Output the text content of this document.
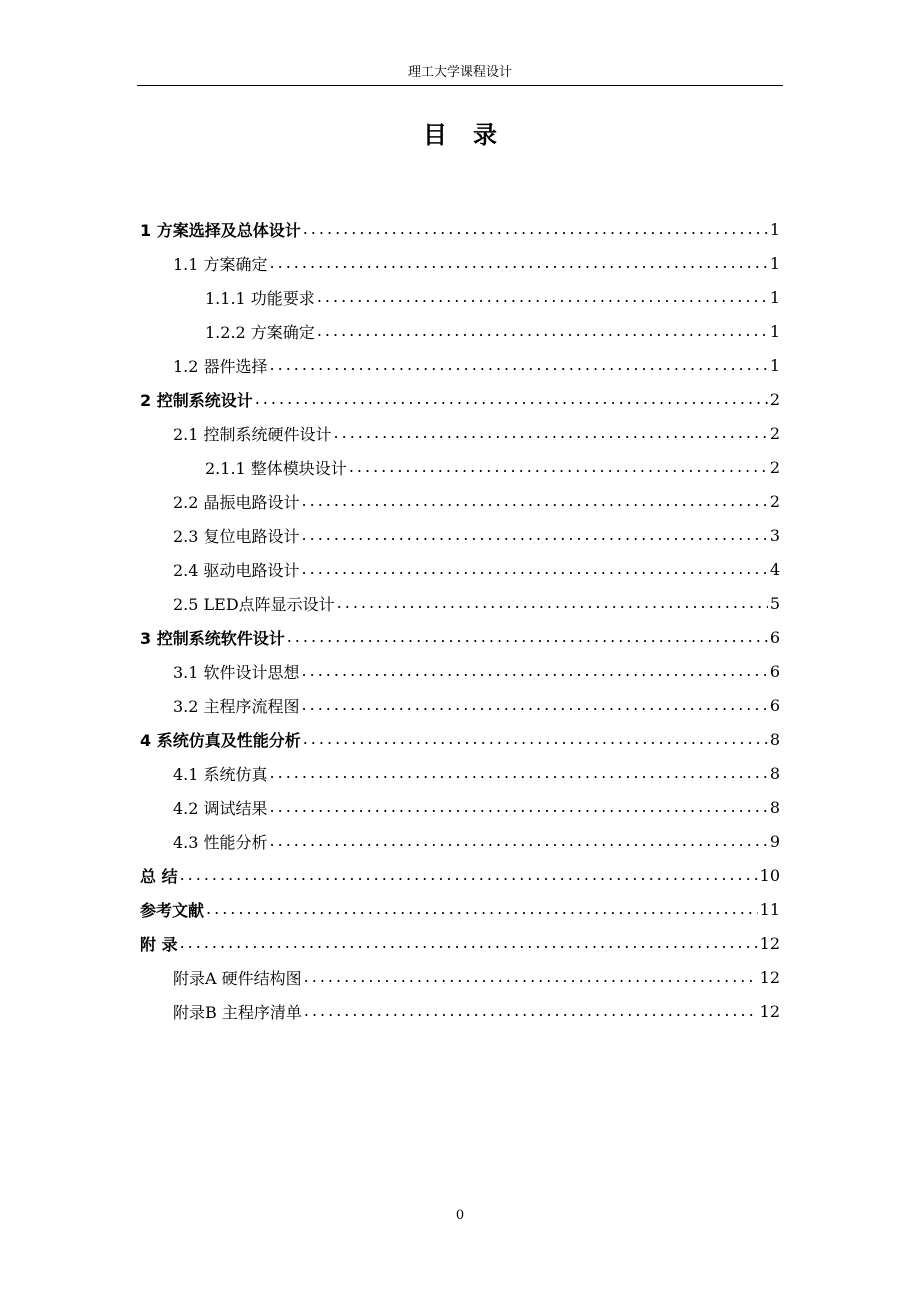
理工大学课程设计
目录
1 方案选择及总体设计 .....	1
1.1 方案确定 .....	1
1.1.1 功能要求 .....	1
1.2.2 方案确定 .....	1
1.2 器件选择 .....	1
2 控制系统设计 .....	2
2.1 控制系统硬件设计 .....	2
2.1.1 整体模块设计 .....	2
2.2 晶振电路设计 .....	2
2.3 复位电路设计 .....	3
2.4 驱动电路设计 .....	4
2.5 LED点阵显示设计 .....	5
3 控制系统软件设计 .....	6
3.1 软件设计思想 .....	6
3.2 主程序流程图 .....	6
4 系统仿真及性能分析 .....	8
4.1 系统仿真 .....	8
4.2 调试结果 .....	8
4.3 性能分析 .....	9
总 结 .....	10
参考文献 .....	11
附 录 .....	12
附录A 硬件结构图 .....	12
附录B 主程序清单 .....	12
0
